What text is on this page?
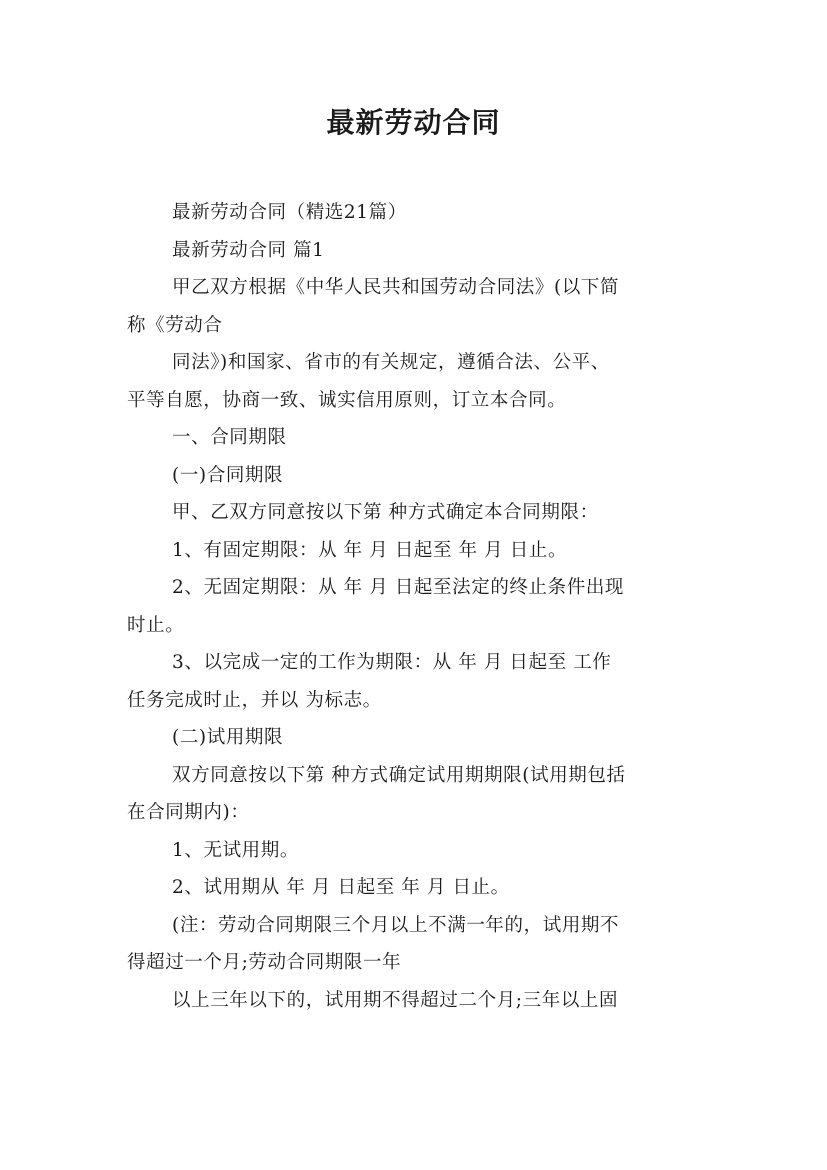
最新劳动合同

最新劳动合同（精选21篇）

最新劳动合同 篇1

甲乙双方根据《中华人民共和国劳动合同法》(以下简

称《劳动合

同法》)和国家、省市的有关规定，遵循合法、公平、

平等自愿，协商一致、诚实信用原则，订立本合同。

一、合同期限

(一)合同期限

甲、乙双方同意按以下第 种方式确定本合同期限：

1、有固定期限：从 年 月 日起至 年 月 日止。

2、无固定期限：从 年 月 日起至法定的终止条件出现

时止。

3、以完成一定的工作为期限：从 年 月 日起至 工作

任务完成时止，并以 为标志。

(二)试用期限

双方同意按以下第 种方式确定试用期期限(试用期包括

在合同期内)：

1、无试用期。

2、试用期从 年 月 日起至 年 月 日止。

(注：劳动合同期限三个月以上不满一年的，试用期不

得超过一个月;劳动合同期限一年

以上三年以下的，试用期不得超过二个月;三年以上固
